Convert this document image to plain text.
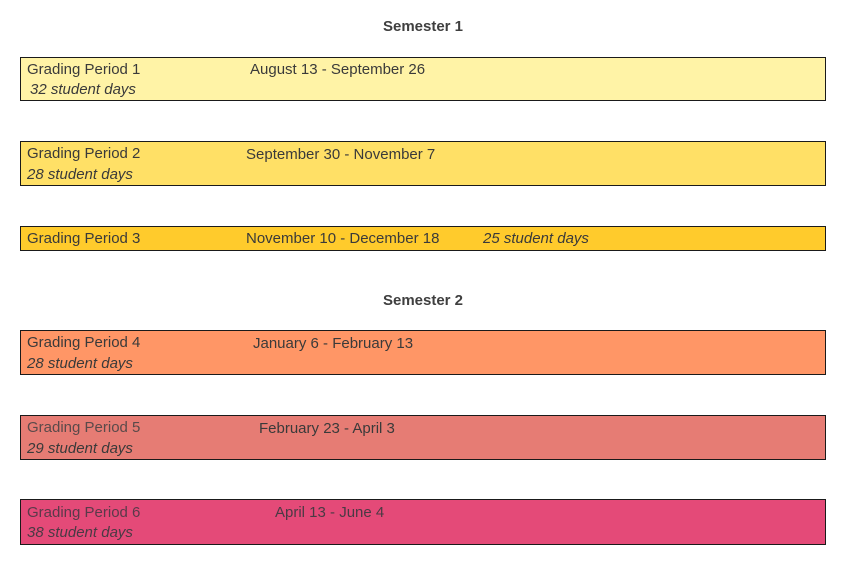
Semester 1
Grading Period 1	August 13 - September 26
32 student days
Grading Period 2	September 30 - November 7
28 student days
Grading Period 3	November 10 - December 18	25 student days
Semester 2
Grading Period 4	January 6 - February 13
28 student days
Grading Period 5	February 23 - April 3
29 student days
Grading Period 6	April 13 - June 4
38 student days
